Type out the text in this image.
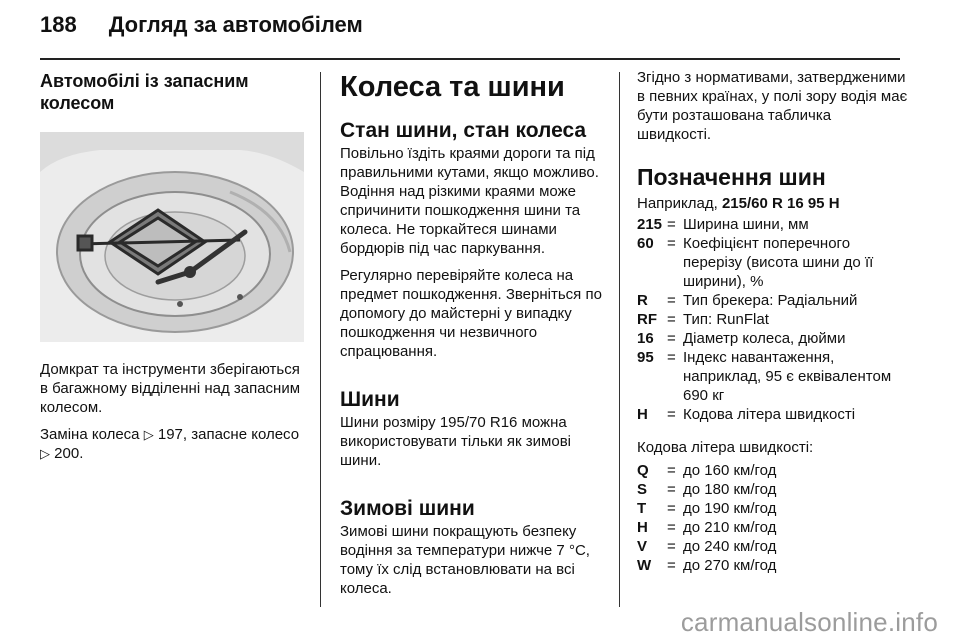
188 Догляд за автомобілем
Автомобілі із запасним колесом

Домкрат та інструменти зберігаються в багажному відділенні над запасним колесом.

Заміна колеса ▷ 197, запасне колесо ▷ 200.

Колеса та шини
Стан шини, стан колеса

Повільно їздіть краями дороги та під правильними кутами, якщо можливо. Водіння над різкими краями може спричинити пошкодження шини та колеса. Не торкайтеся шинами бордюрів під час паркування.

Регулярно перевіряйте колеса на предмет пошкодження. Зверніться по допомогу до майстерні у випадку пошкодження чи незвичного спрацювання.

Шини

Шини розміру 195/70 R16 можна використовувати тільки як зимові шини.

Зимові шини

Зимові шини покращують безпеку водіння за температури нижче 7 °C, тому їх слід встановлювати на всі колеса.

Згідно з нормативами, затвердженими в певних країнах, у полі зору водія має бути розташована табличка швидкості.

Позначення шин

Наприклад, 215/60 R 16 95 H

215 = Ширина шини, мм
60 = Коефіцієнт поперечного перерізу (висота шини до її ширини), %
R	= Тип брекера: Радіальний
RF = Тип: RunFlat
16 = Діаметр колеса, дюйми
95 = Індекс навантаження, наприклад, 95 є еквівалентом 690 кг
H	= Кодова літера швидкості

Кодова літера швидкості:

Q	= до 160 км/год
S	= до 180 км/год
T	= до 190 км/год
H	= до 210 км/год
V	= до 240 км/год
W	= до 270 км/год
carmanualsonline.info
